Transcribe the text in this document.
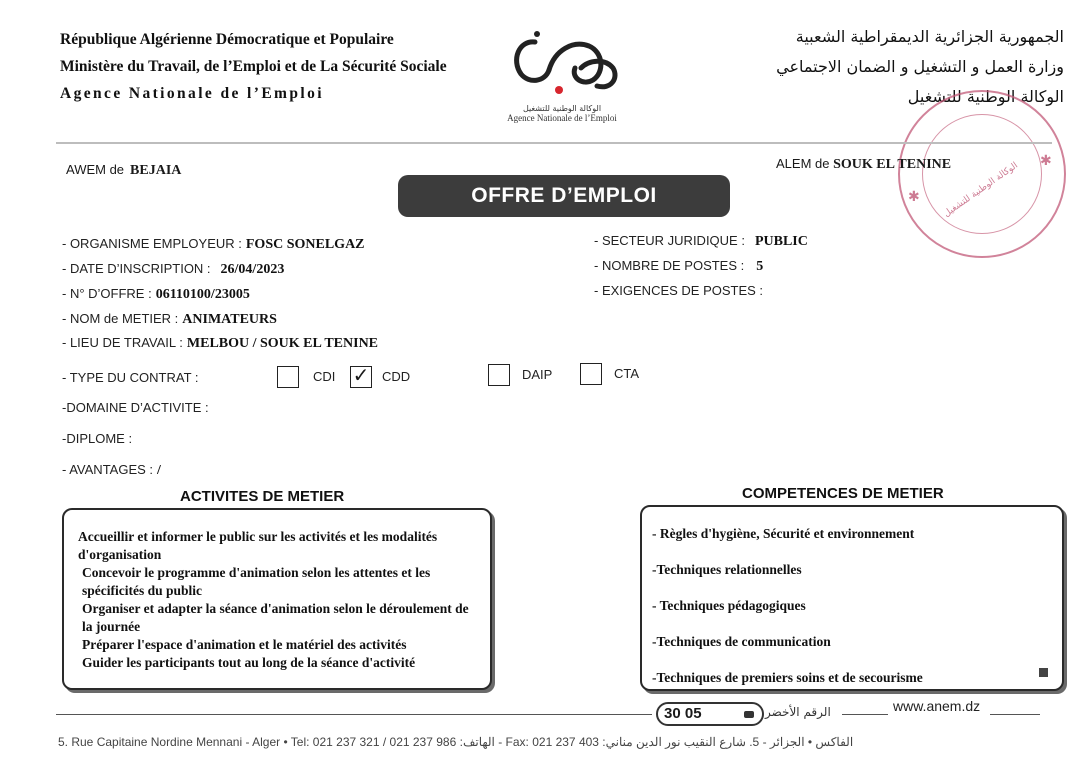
République Algérienne Démocratique et Populaire
Ministère du Travail, de l’Emploi et de La Sécurité Sociale
Agence Nationale de l’Emploi
الوكالة الوطنية للتشغيل
Agence Nationale de l’Emploi
الجمهورية الجزائرية الديمقراطية الشعبية
وزارة العمل و التشغيل و الضمان الاجتماعي
الوكالة الوطنية للتشغيل
الوكالة الوطنية للتشغيل
✱
✱
AWEM de BEJAIA	ALEM de SOUK EL TENINE
OFFRE D’EMPLOI
- ORGANISME EMPLOYEUR : FOSC SONELGAZ
- DATE D’INSCRIPTION : 26/04/2023
- N° D’OFFRE : 06110100/23005
- NOM de METIER : ANIMATEURS
- LIEU DE TRAVAIL : MELBOU / SOUK EL TENINE
- TYPE DU CONTRAT :	CDI ✓ CDD	DAIP	CTA
-DOMAINE D’ACTIVITE :
-DIPLOME :
- AVANTAGES : /
- SECTEUR JURIDIQUE : PUBLIC
- NOMBRE DE POSTES : 5
- EXIGENCES DE POSTES :
ACTIVITES DE METIER

Accueillir et informer le public sur les activités et les modalités d'organisation

Concevoir le programme d'animation selon les attentes et les spécificités du public

Organiser et adapter la séance d'animation selon le déroulement de la journée

Préparer l'espace d'animation et le matériel des activités

Guider les participants tout au long de la séance d'activité

COMPETENCES DE METIER

- Règles d'hygiène, Sécurité et environnement

-Techniques relationnelles

- Techniques pédagogiques

-Techniques de communication

-Techniques de premiers soins et de secourisme

30 05	الرقم الأخضر	www.anem.dz
5. Rue Capitaine Nordine Mennani - Alger • Tel: 021 237 321 / 021 237 986 :الهاتف - Fax: 021 237 403 :الفاكس • الجزائر - 5. شارع النقيب نور الدين مناني
